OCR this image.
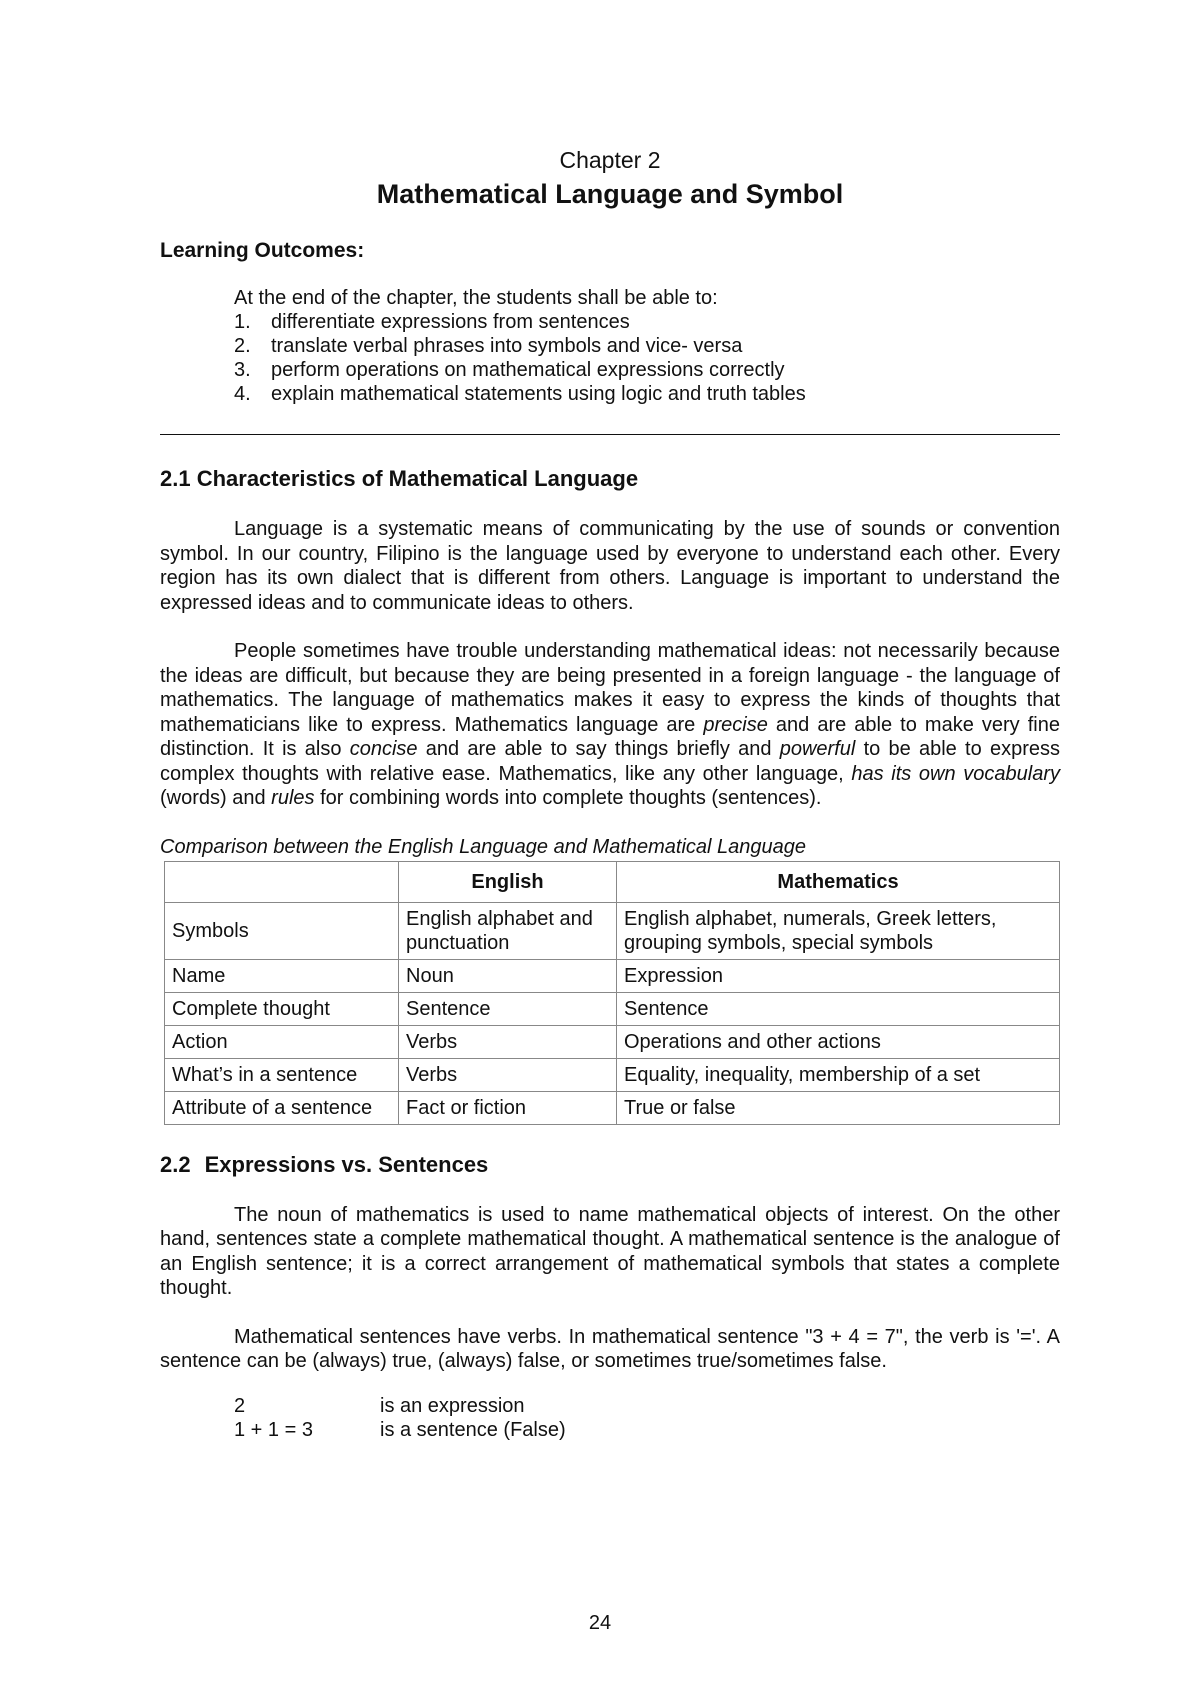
Chapter 2

Mathematical Language and Symbol

Learning Outcomes:

At the end of the chapter, the students shall be able to:

1.	differentiate expressions from sentences
2.	translate verbal phrases into symbols and vice- versa
3.	perform operations on mathematical expressions correctly
4.	explain mathematical statements using logic and truth tables

2.1 Characteristics of Mathematical Language

Language is a systematic means of communicating by the use of sounds or convention symbol. In our country, Filipino is the language used by everyone to understand each other. Every region has its own dialect that is different from others. Language is important to understand the expressed ideas and to communicate ideas to others.

People sometimes have trouble understanding mathematical ideas: not necessarily because the ideas are difficult, but because they are being presented in a foreign language - the language of mathematics. The language of mathematics makes it easy to express the kinds of thoughts that mathematicians like to express. Mathematics language are precise and are able to make very fine distinction. It is also concise and are able to say things briefly and powerful to be able to express complex thoughts with relative ease. Mathematics, like any other language, has its own vocabulary (words) and rules for combining words into complete thoughts (sentences).

Comparison between the English Language and Mathematical Language

	English	Mathematics
Symbols	English alphabet and punctuation	English alphabet, numerals, Greek letters, grouping symbols, special symbols
Name	Noun	Expression
Complete thought	Sentence	Sentence
Action	Verbs	Operations and other actions
What’s in a sentence	Verbs	Equality, inequality, membership of a set
Attribute of a sentence	Fact or fiction	True or false

2.2 Expressions vs. Sentences

The noun of mathematics is used to name mathematical objects of interest. On the other hand, sentences state a complete mathematical thought. A mathematical sentence is the analogue of an English sentence; it is a correct arrangement of mathematical symbols that states a complete thought.

Mathematical sentences have verbs. In mathematical sentence "3 + 4 = 7", the verb is '='. A sentence can be (always) true, (always) false, or sometimes true/sometimes false.

2	is an expression
1 + 1 = 3	is a sentence (False)
24
